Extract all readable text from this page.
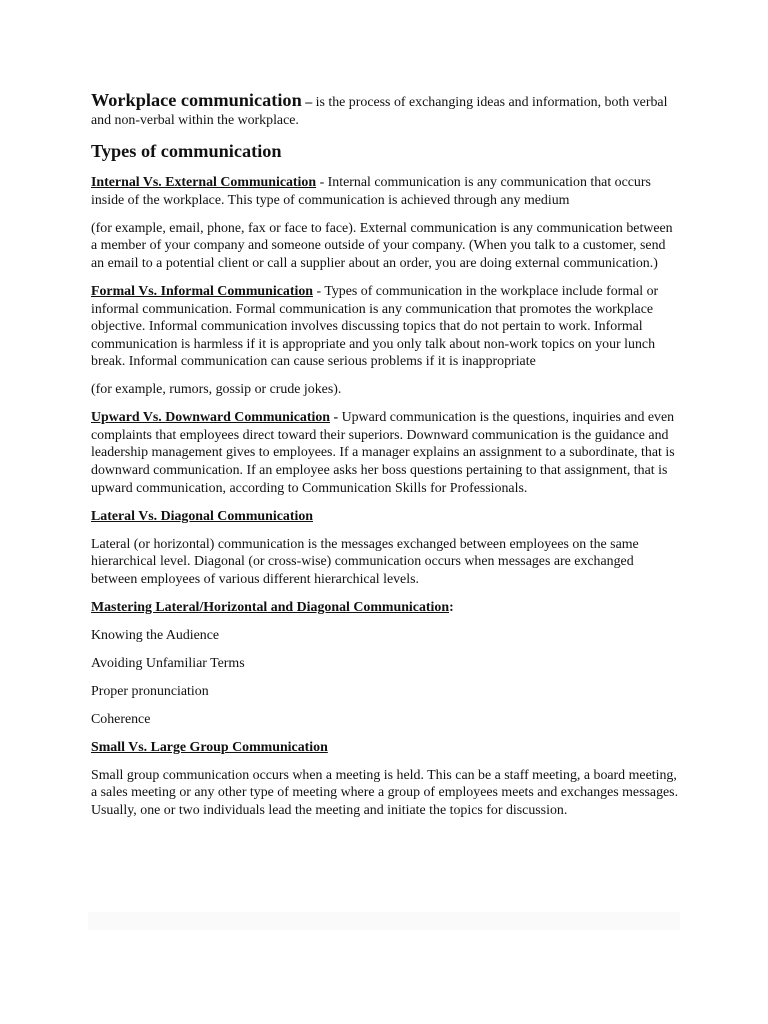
Workplace communication – is the process of exchanging ideas and information, both verbal and non-verbal within the workplace.

Types of communication

Internal Vs. External Communication - Internal communication is any communication that occurs inside of the workplace. This type of communication is achieved through any medium

(for example, email, phone, fax or face to face). External communication is any communication between a member of your company and someone outside of your company. (When you talk to a customer, send an email to a potential client or call a supplier about an order, you are doing external communication.)

Formal Vs. Informal Communication - Types of communication in the workplace include formal or informal communication. Formal communication is any communication that promotes the workplace objective. Informal communication involves discussing topics that do not pertain to work. Informal communication is harmless if it is appropriate and you only talk about non-work topics on your lunch break. Informal communication can cause serious problems if it is inappropriate

(for example, rumors, gossip or crude jokes).

Upward Vs. Downward Communication - Upward communication is the questions, inquiries and even complaints that employees direct toward their superiors. Downward communication is the guidance and leadership management gives to employees. If a manager explains an assignment to a subordinate, that is downward communication. If an employee asks her boss questions pertaining to that assignment, that is upward communication, according to Communication Skills for Professionals.

Lateral Vs. Diagonal Communication

Lateral (or horizontal) communication is the messages exchanged between employees on the same hierarchical level. Diagonal (or cross-wise) communication occurs when messages are exchanged between employees of various different hierarchical levels.

Mastering Lateral/Horizontal and Diagonal Communication:

Knowing the Audience

Avoiding Unfamiliar Terms

Proper pronunciation

Coherence

Small Vs. Large Group Communication

Small group communication occurs when a meeting is held. This can be a staff meeting, a board meeting, a sales meeting or any other type of meeting where a group of employees meets and exchanges messages. Usually, one or two individuals lead the meeting and initiate the topics for discussion.
